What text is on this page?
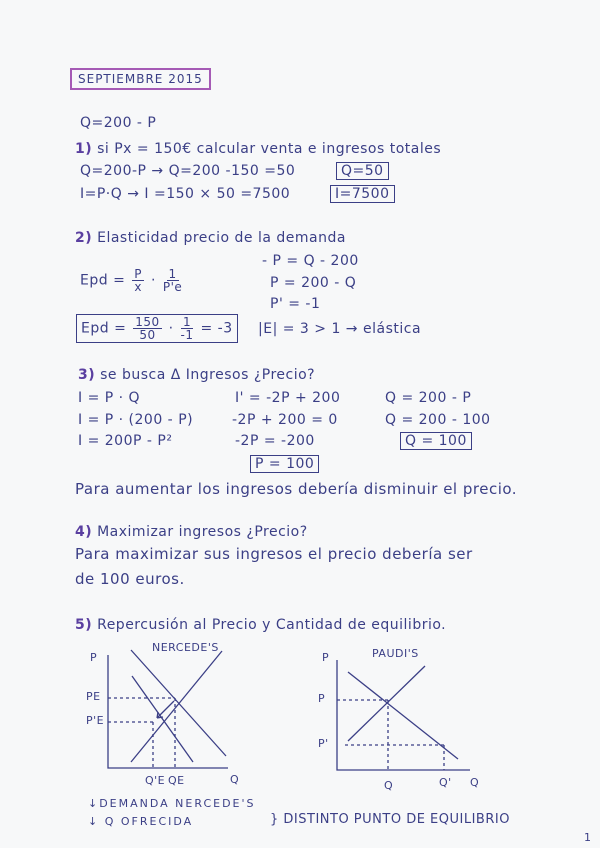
SEPTIEMBRE 2015
Q=200 - P
1) si Px = 150€ calcular venta e ingresos totales
Q=200-P → Q=200 -150 =50	Q=50
I=P·Q → I =150 × 50 =7500	I=7500
2) Elasticidad precio de la demanda
Epd = $\frac{P}{x} \cdot \frac{1}{P'e}$
- P = Q - 200
P = 200 - Q
P' = -1
Epd = $\frac{150}{50} \cdot \frac{1}{-1} = -3$	|E| = 3 > 1 → elástica
3) se busca Δ Ingresos ¿Precio?
I = P · Q
I = P · (200 - P)
I = 200P - P²
I' = -2P + 200
-2P + 200 = 0
-2P = -200
P = 100
Q = 200 - P
Q = 200 - 100
Q = 100
Para aumentar los ingresos debería disminuir el precio.
4) Maximizar ingresos ¿Precio?
Para maximizar sus ingresos el precio debería ser
de 100 euros.
5) Repercusión al Precio y Cantidad de equilibrio.
NERCEDE'S
P
Q
PE
P'E
Q'E QE
PAUDI'S
P
Q
P
P'
Q	Q'
↓DEMANDA NERCEDE'S
↓ Q OFRECIDA	} DISTINTO PUNTO DE EQUILIBRIO
1
